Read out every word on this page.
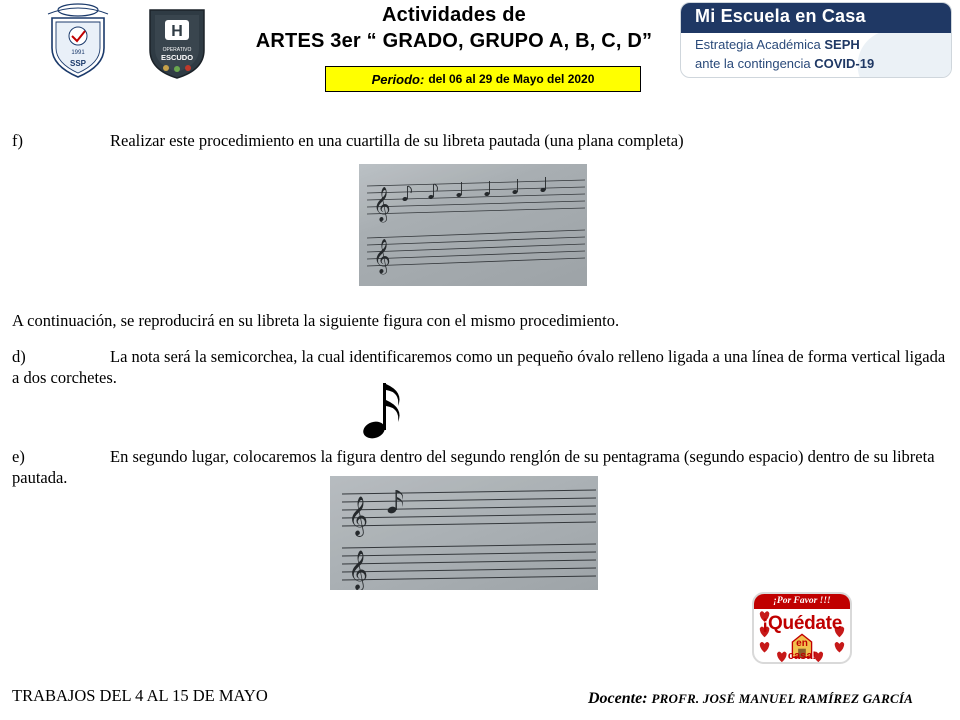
1991
SSP
H
OPERATIVO
ESCUDO
Actividades de
ARTES 3er “ GRADO, GRUPO A, B, C, D”
Periodo: del 06 al 29 de Mayo del 2020
Mi Escuela en Casa
Estrategia Académica SEPH
ante la contingencia COVID-19
f)	Realizar este procedimiento en una cuartilla de su libreta pautada (una plana completa)
𝄞
𝄞
A continuación, se reproducirá en su libreta la siguiente figura con el mismo procedimiento.
d)	La nota será la semicorchea, la cual identificaremos como un pequeño óvalo relleno ligada a una línea de forma vertical ligada a dos corchetes.
e)	En segundo lugar, colocaremos la figura dentro del segundo renglón de su pentagrama (segundo espacio) dentro de su libreta pautada.
𝄞
𝄞
¡Por Favor !!!
¡Quédate
en
casa!
TRABAJOS DEL 4 AL 15 DE MAYO	Docente: PROFR. JOSÉ MANUEL RAMÍREZ GARCÍA
